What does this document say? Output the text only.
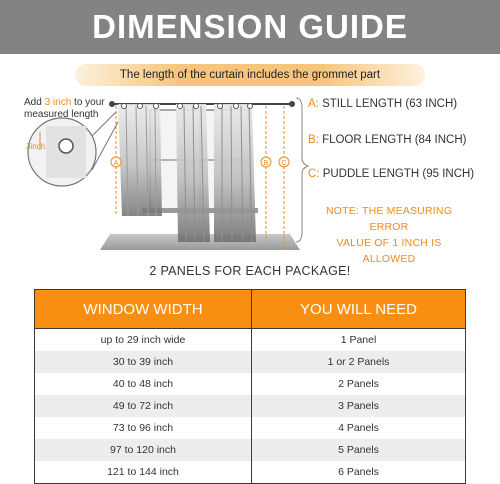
DIMENSION GUIDE
The length of the curtain includes the grommet part
A	B C
Add 3 inch to your
measured length
3inch
A: STILL LENGTH (63 INCH)
B: FLOOR LENGTH (84 INCH)
C: PUDDLE LENGTH (95 INCH)
NOTE: THE MEASURING ERROR
VALUE OF 1 INCH IS ALLOWED
2 PANELS FOR EACH PACKAGE!
WINDOW WIDTH	YOU WILL NEED
up to 29 inch wide	1 Panel
30 to 39 inch	1 or 2 Panels
40 to 48 inch	2 Panels
49 to 72 inch	3 Panels
73 to 96 inch	4 Panels
97 to 120 inch	5 Panels
121 to 144 inch	6 Panels
